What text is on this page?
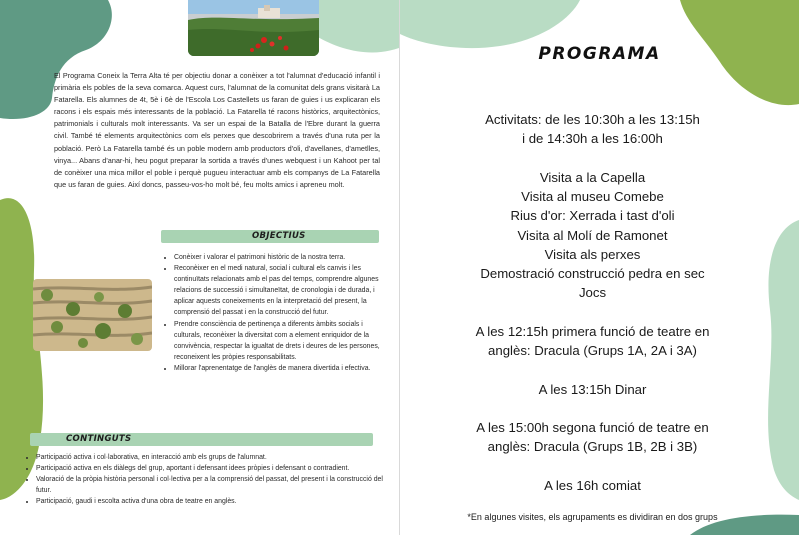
El Programa Coneix la Terra Alta té per objectiu donar a conèixer a tot l'alumnat d'educació infantil i primària els pobles de la seva comarca. Aquest curs, l'alumnat de la comunitat dels grans visitarà La Fatarella. Els alumnes de 4t, 5è i 6è de l'Escola Los Castellets us faran de guies i us explicaran els racons i els espais més interessants de la població. La Fatarella té racons històrics, arquitectònics, patrimonials i culturals molt interessants. Va ser un espai de la Batalla de l'Ebre durant la guerra civil. També té elements arquitectònics com els perxes que descobrirem a través d'una ruta per la població. Però La Fatarella també és un poble modern amb productors d'oli, d'avellanes, d'ametlles, vinya... Abans d'anar-hi, heu pogut preparar la sortida a través d'unes webquest i un Kahoot per tal de conèixer una mica millor el poble i perquè pugueu interactuar amb els companys de La Fatarella que us faran de guies. Així doncs, passeu-vos-ho molt bé, feu molts amics i apreneu molt.

OBJECTIUS
• Conèixer i valorar el patrimoni històric de la nostra terra.
• Reconèixer en el medi natural, social i cultural els canvis i les continuïtats relacionats amb el pas del temps, comprendre algunes relacions de successió i simultaneïtat, de cronologia i de durada, i aplicar aquests coneixements en la interpretació del present, la comprensió del passat i en la construcció del futur.
• Prendre consciència de pertinença a diferents àmbits socials i culturals, reconèixer la diversitat com a element enriquidor de la convivència, respectar la igualtat de drets i deures de les persones, reconeixent les pròpies responsabilitats.
• Millorar l'aprenentatge de l'anglès de manera divertida i efectiva.
CONTINGUTS
• Participació activa i col·laborativa, en interacció amb els grups de l'alumnat.
• Participació activa en els diàlegs del grup, aportant i defensant idees pròpies i defensant o contradient.
• Valoració de la pròpia història personal i col·lectiva per a la comprensió del passat, del present i la construcció del futur.
• Participació, gaudi i escolta activa d'una obra de teatre en anglès.
PROGRAMA
Activitats: de les 10:30h a les 13:15h
i de 14:30h a les 16:00h
Visita a la Capella
Visita al museu Comebe
Rius d'or: Xerrada i tast d'oli
Visita al Molí de Ramonet
Visita als perxes
Demostració construcció pedra en sec
Jocs
A les 12:15h primera funció de teatre en
anglès: Dracula (Grups 1A, 2A i 3A)
A les 13:15h Dinar
A les 15:00h segona funció de teatre en
anglès: Dracula (Grups 1B, 2B i 3B)
A les 16h comiat
*En algunes visites, els agrupaments es dividiran en dos grups
